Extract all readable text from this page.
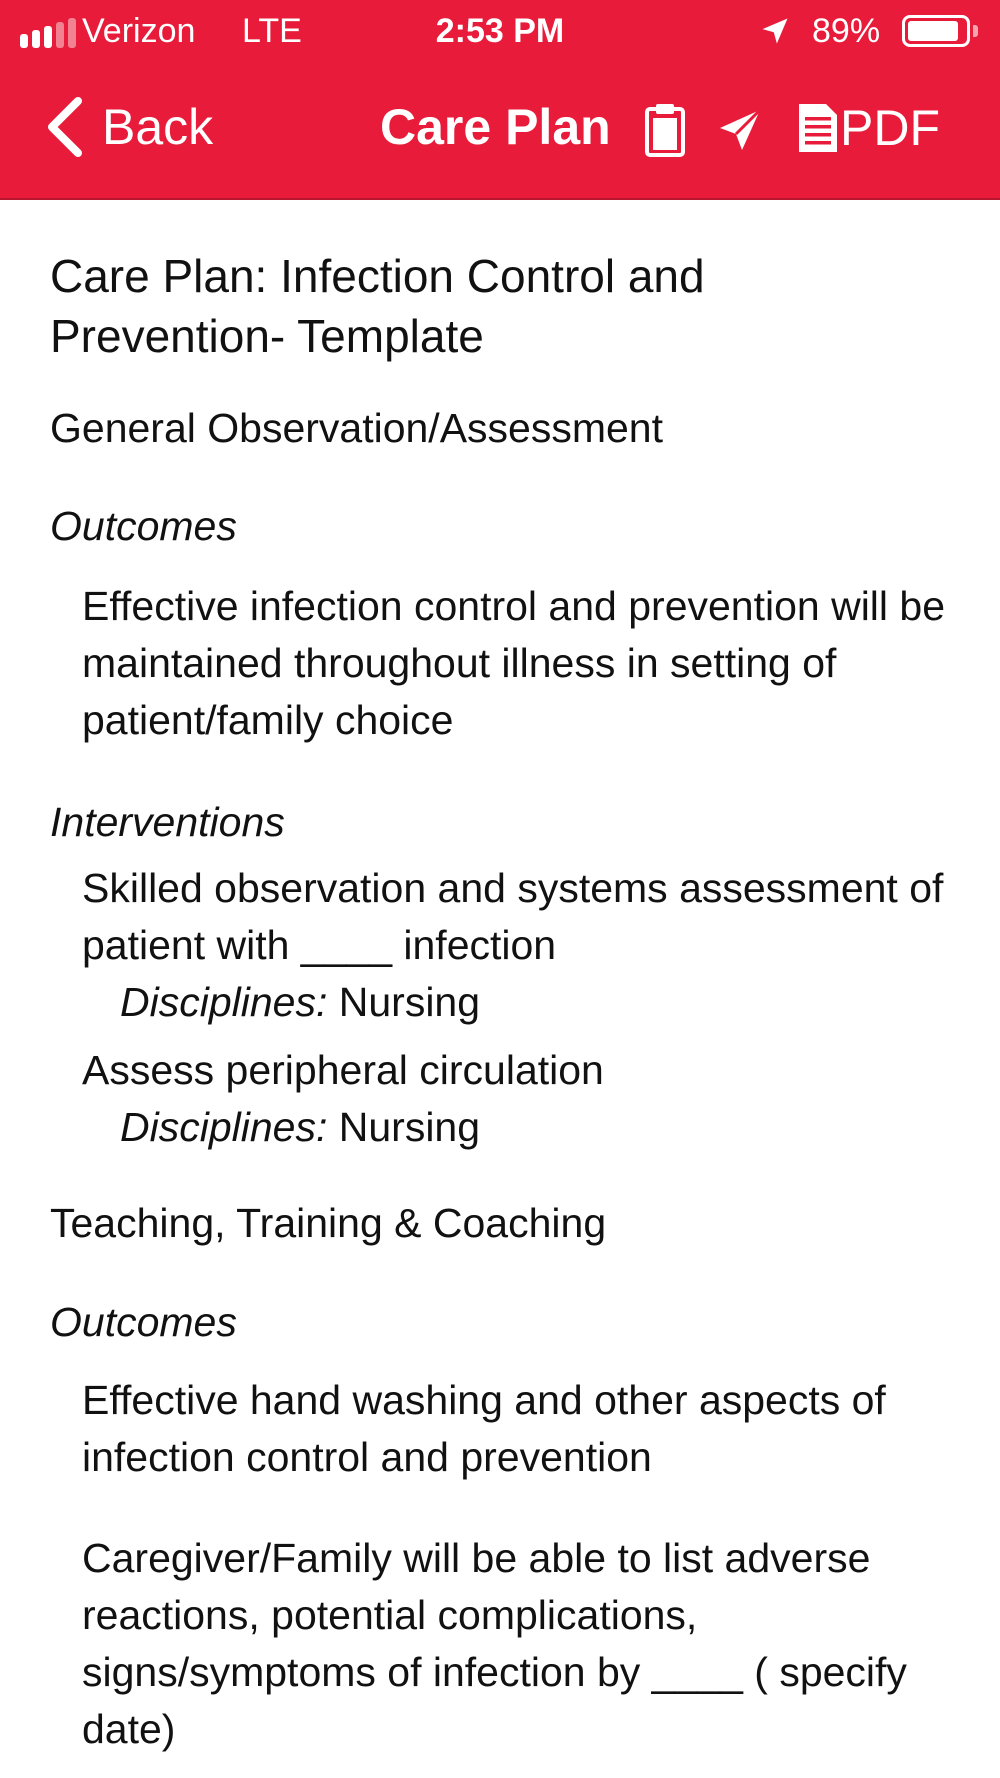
Verizon LTE	2:53 PM	89%
Back	Care Plan	PDF
Care Plan: Infection Control and Prevention- Template
General Observation/Assessment
Outcomes
Effective infection control and prevention will be maintained throughout illness in setting of patient/family choice
Interventions
Skilled observation and systems assessment of patient with ____ infection
Disciplines: Nursing
Assess peripheral circulation
Disciplines: Nursing
Teaching, Training & Coaching
Outcomes
Effective hand washing and other aspects of infection control and prevention
Caregiver/Family will be able to list adverse reactions, potential complications, signs/symptoms of infection by ____ ( specify date)
